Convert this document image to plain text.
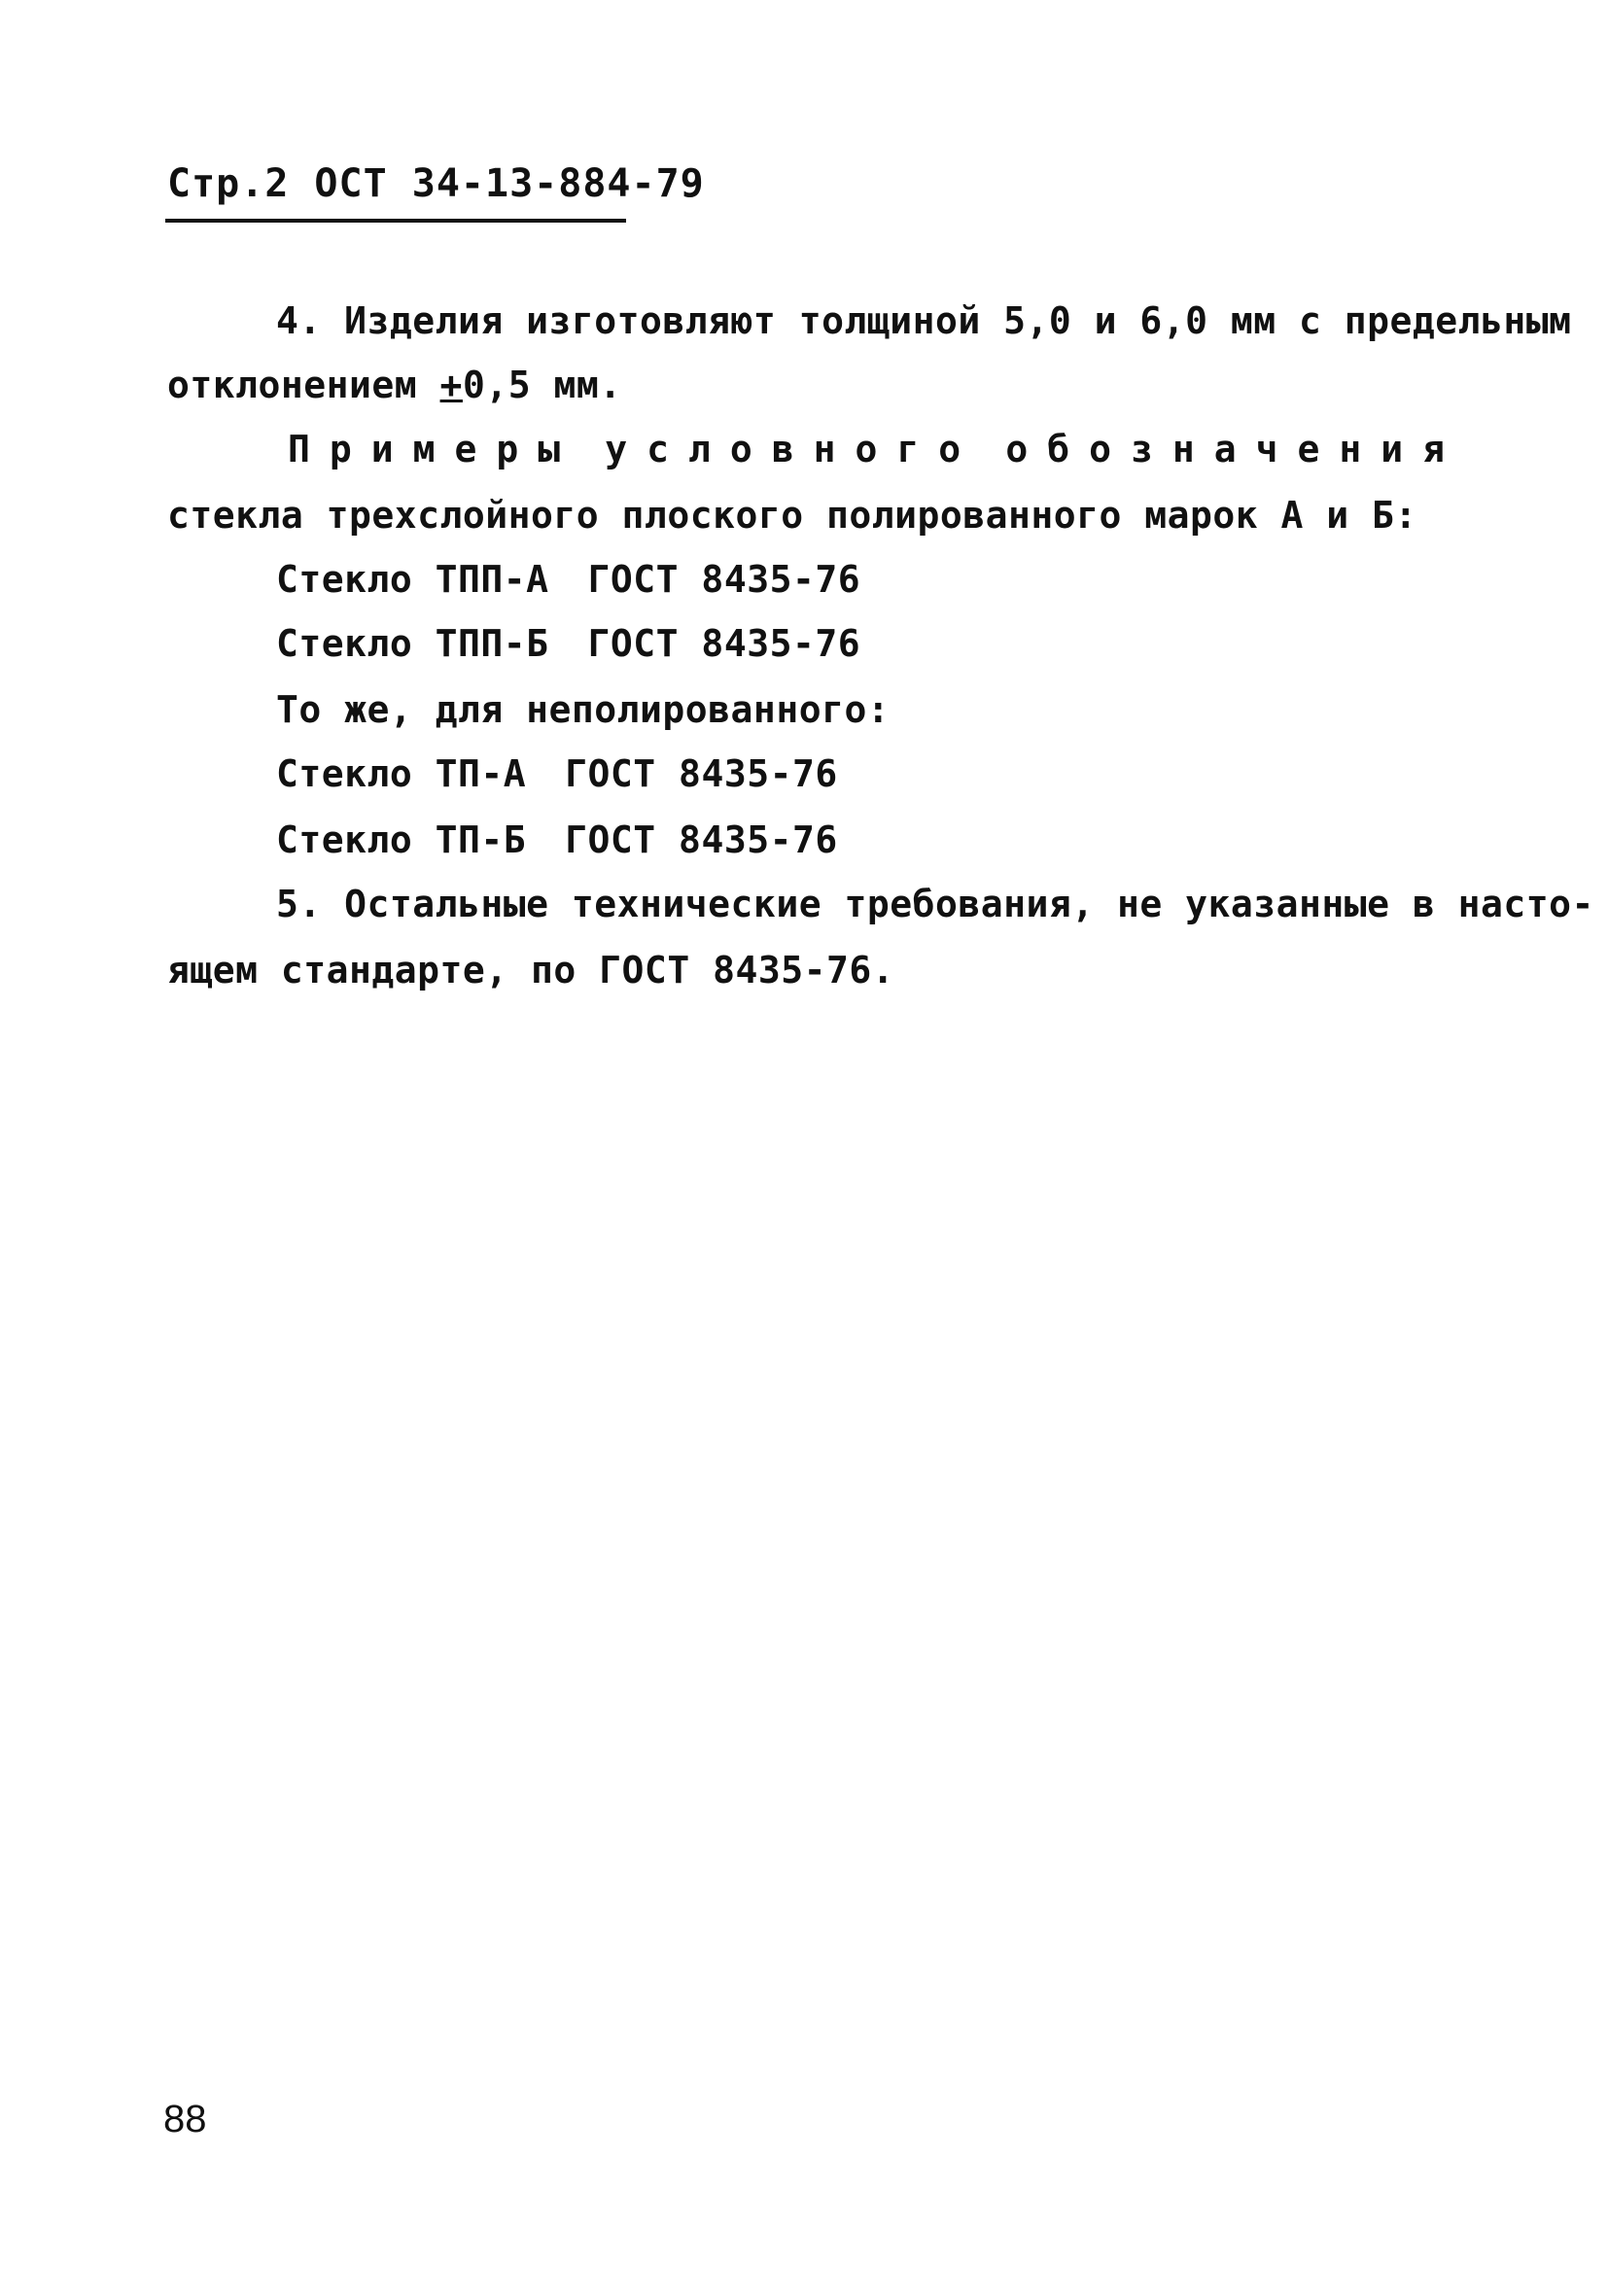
Стр.2 ОСТ 34-13-884-79
4. Изделия изготовляют толщиной 5,0 и 6,0 мм с предельным
отклонением +0,5 мм.
Примеры условного обозначения
стекла трехслойного плоского полированного марок А и Б:
Стекло ТПП-А ГОСТ 8435-76
Стекло ТПП-Б ГОСТ 8435-76
То же, для неполированного:
Стекло ТП-А ГОСТ 8435-76
Стекло ТП-Б ГОСТ 8435-76
5. Остальные технические требования, не указанные в насто-
ящем стандарте, по ГОСТ 8435-76.
88
